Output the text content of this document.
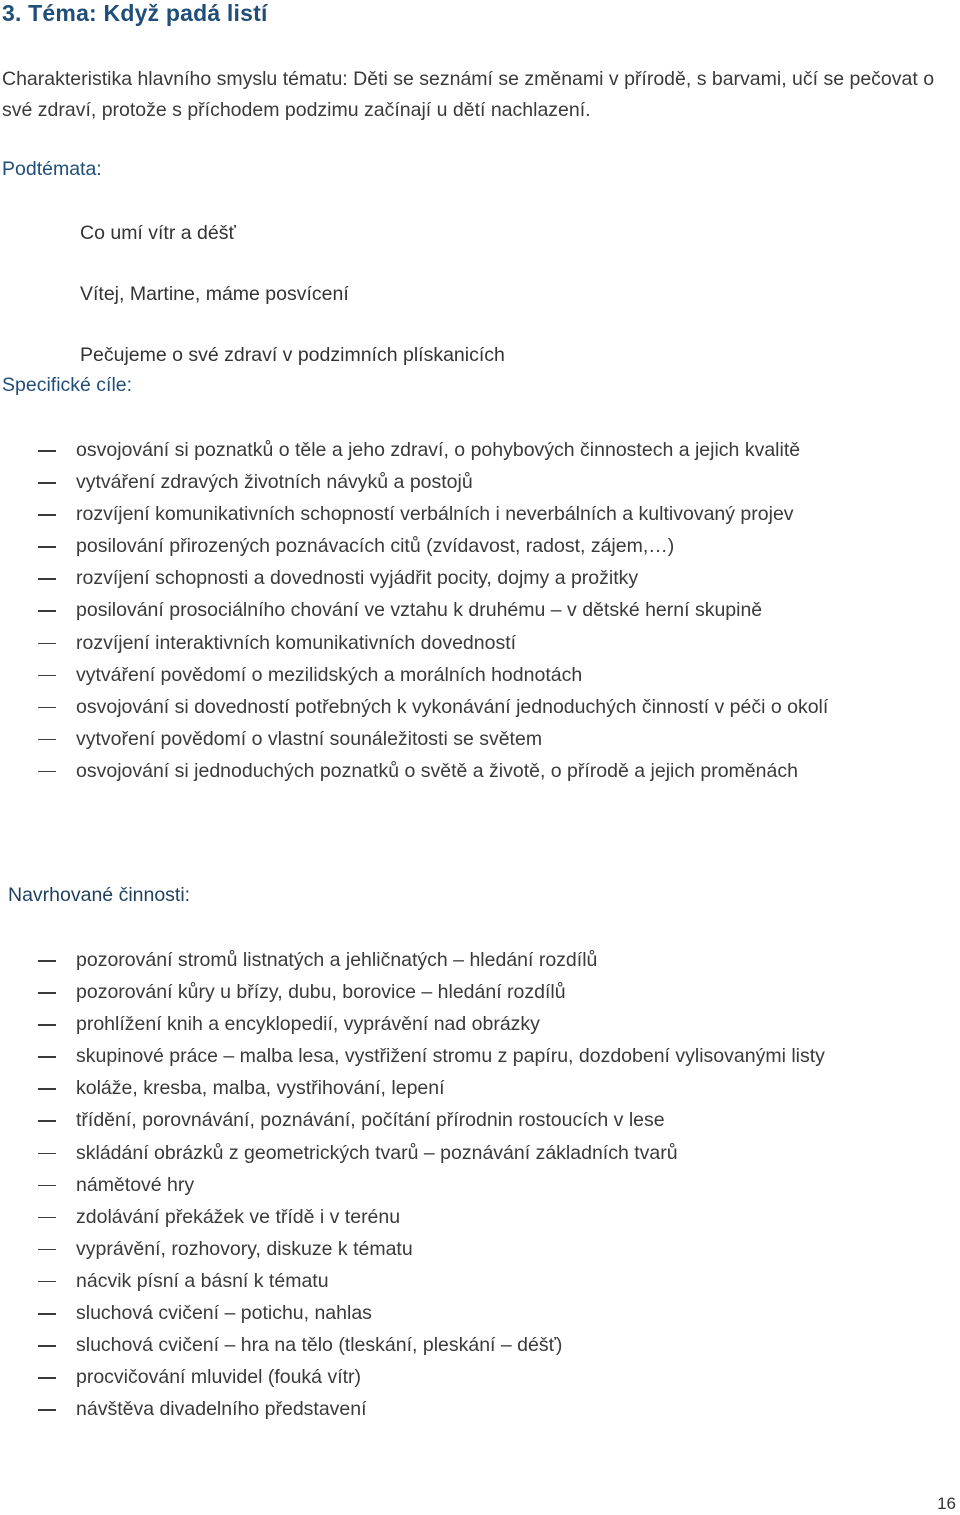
3. Téma: Když padá listí
Charakteristika hlavního smyslu tématu: Děti se seznámí se změnami v přírodě, s barvami, učí se pečovat o své zdraví, protože s příchodem podzimu začínají u dětí nachlazení.
Podtémata:
Co umí vítr a déšť
Vítej, Martine, máme posvícení
Pečujeme o své zdraví v podzimních plískanicích
Specifické cíle:
osvojování si poznatků o těle a jeho zdraví, o pohybových činnostech a jejich kvalitě
vytváření zdravých životních návyků a postojů
rozvíjení komunikativních schopností verbálních i neverbálních a kultivovaný projev
posilování přirozených poznávacích citů (zvídavost, radost, zájem,…)
rozvíjení schopnosti a dovednosti vyjádřit pocity, dojmy a prožitky
posilování prosociálního chování ve vztahu k druhému – v dětské herní skupině
rozvíjení interaktivních komunikativních dovedností
vytváření povědomí o mezilidských a morálních hodnotách
osvojování si dovedností potřebných k vykonávání jednoduchých činností v péči o okolí
vytvoření povědomí o vlastní sounáležitosti se světem
osvojování si jednoduchých poznatků o světě a životě, o přírodě a jejich proměnách
Navrhované činnosti:
pozorování stromů listnatých a jehličnatých – hledání rozdílů
pozorování kůry u břízy, dubu, borovice – hledání rozdílů
prohlížení knih a encyklopedií, vyprávění nad obrázky
skupinové práce – malba lesa, vystřižení stromu z papíru, dozdobení vylisovanými listy
koláže, kresba, malba, vystřihování, lepení
třídění, porovnávání, poznávání, počítání přírodnin rostoucích v lese
skládání obrázků z geometrických tvarů – poznávání základních tvarů
námětové hry
zdolávání překážek ve třídě i v terénu
vyprávění, rozhovory, diskuze k tématu
nácvik písní a básní k tématu
sluchová cvičení – potichu, nahlas
sluchová cvičení – hra na tělo (tleskání, pleskání – déšť)
procvičování mluvidel (fouká vítr)
návštěva divadelního představení
16
